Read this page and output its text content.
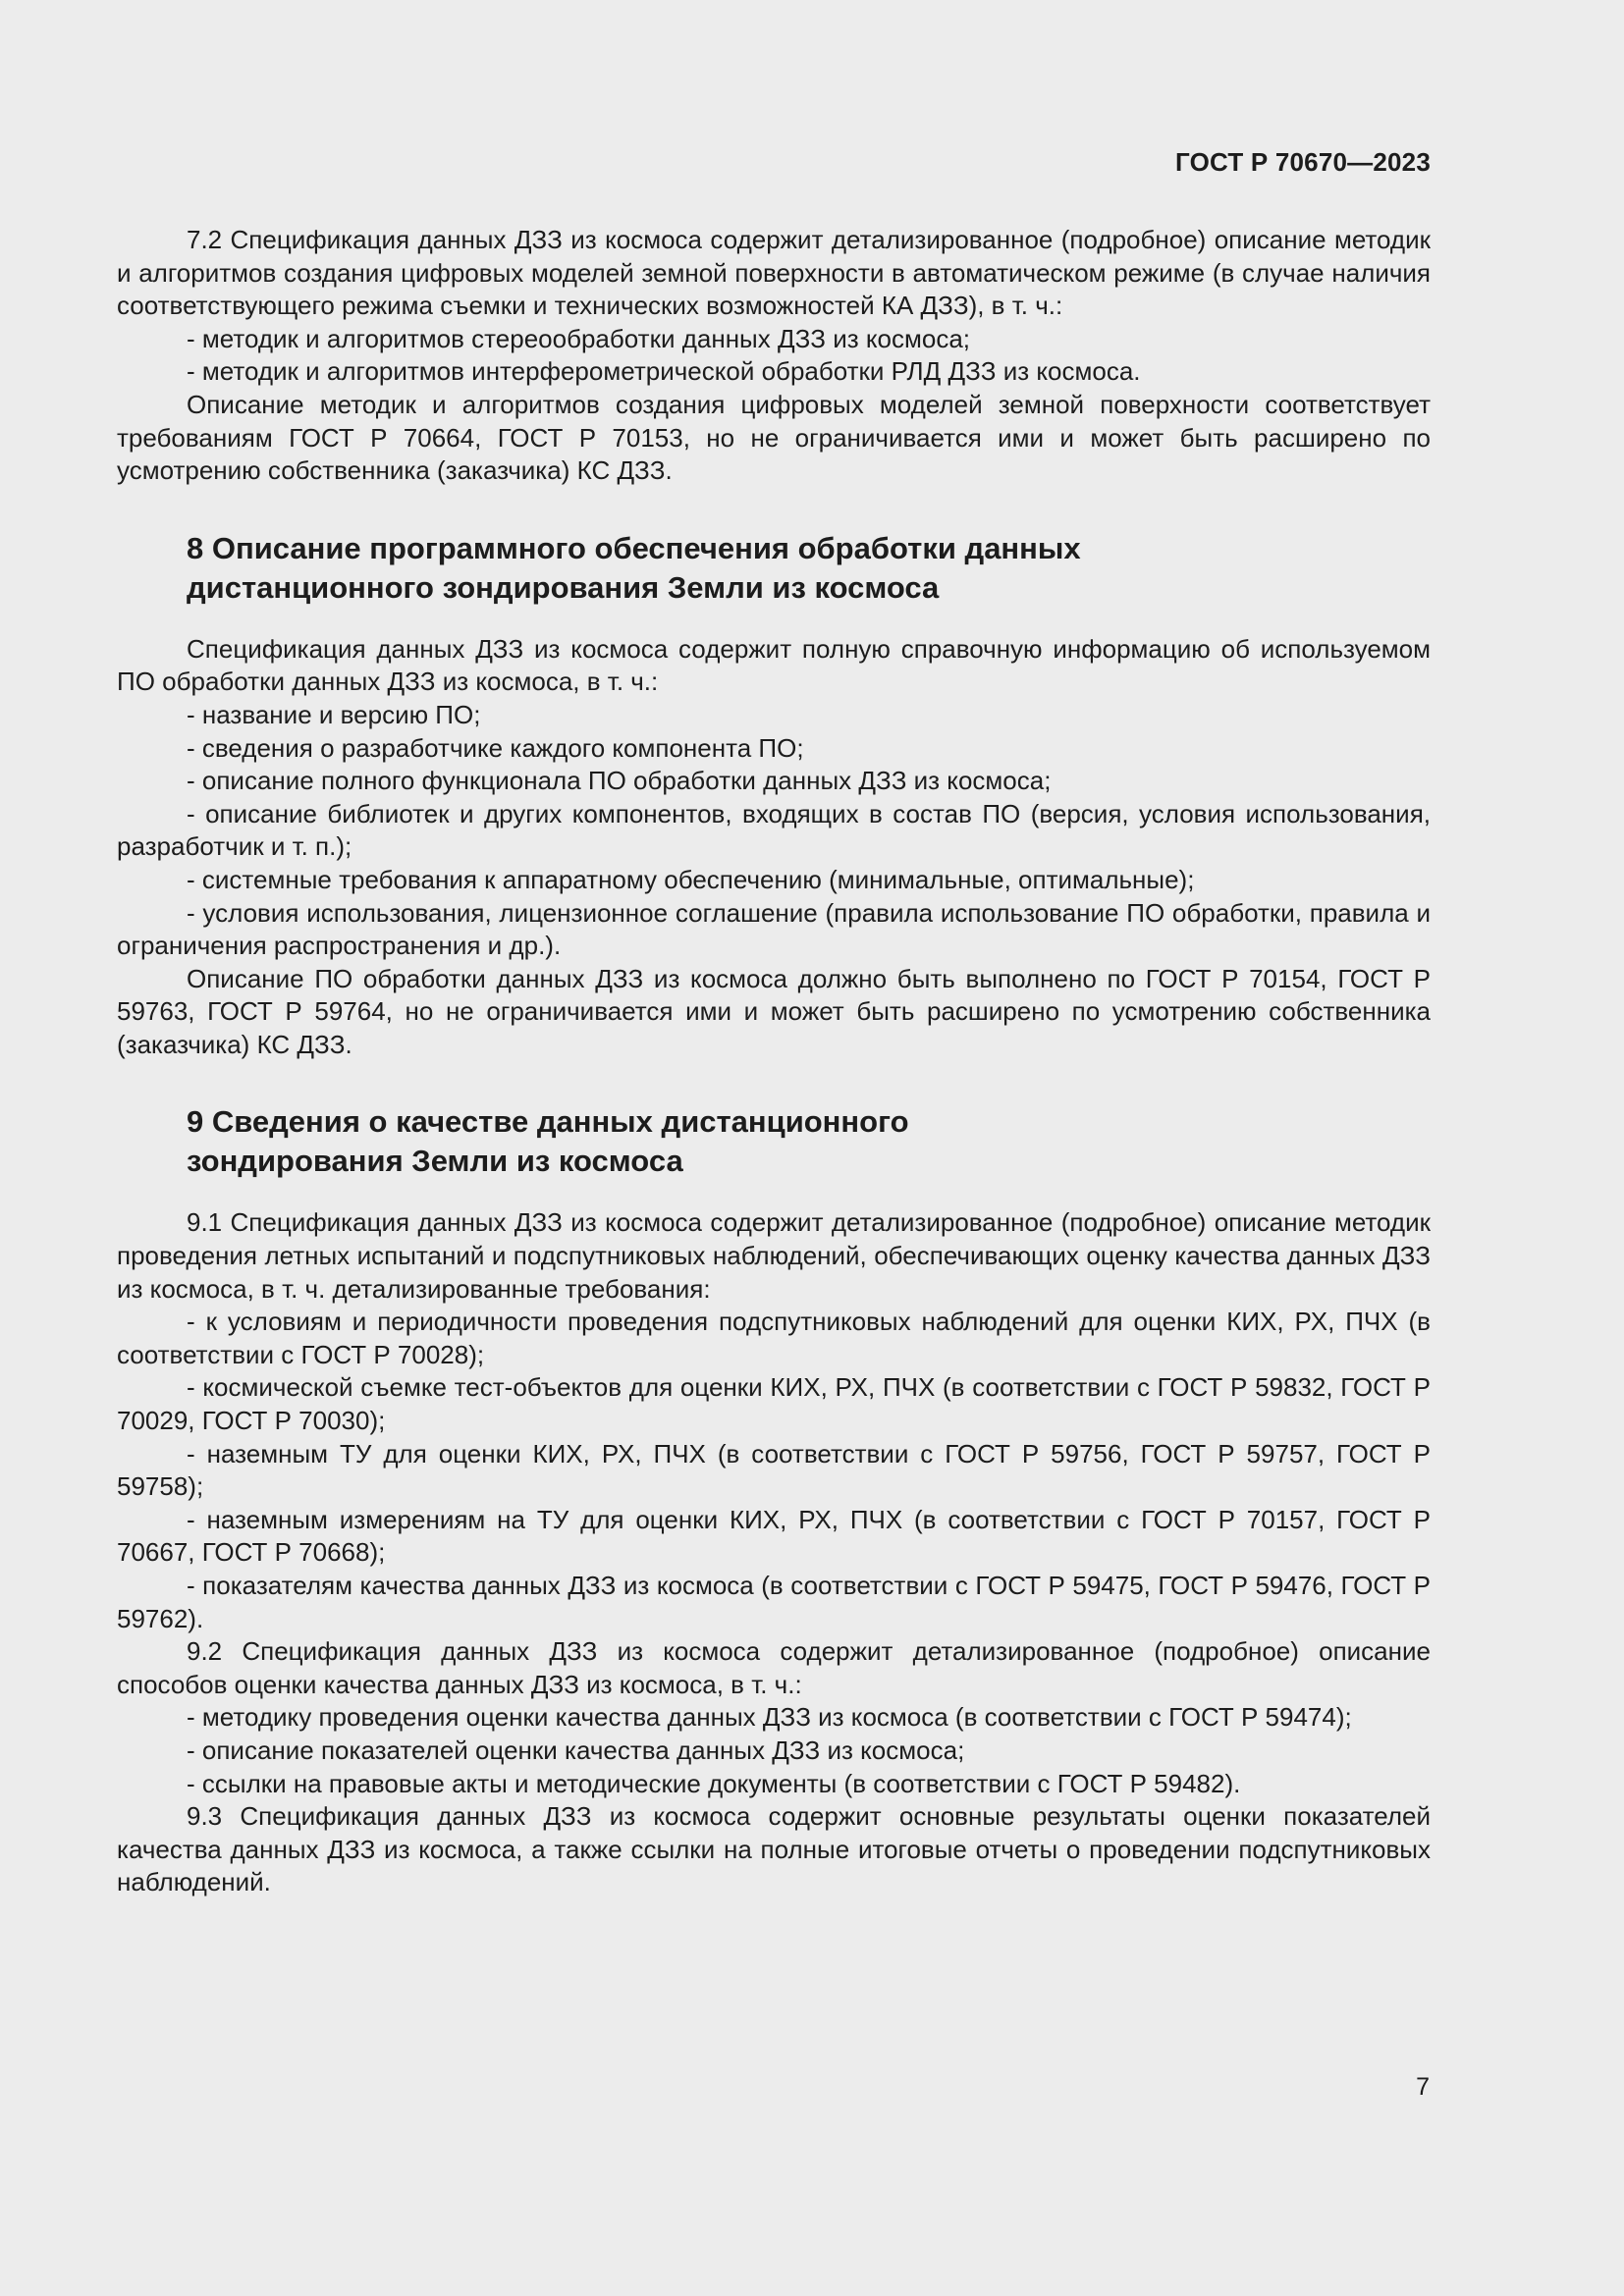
ГОСТ Р 70670—2023

7.2 Спецификация данных ДЗЗ из космоса содержит детализированное (подробное) описание методик и алгоритмов создания цифровых моделей земной поверхности в автоматическом режиме (в случае наличия соответствующего режима съемки и технических возможностей КА ДЗЗ), в т. ч.:

- методик и алгоритмов стереообработки данных ДЗЗ из космоса;

- методик и алгоритмов интерферометрической обработки РЛД ДЗЗ из космоса.

Описание методик и алгоритмов создания цифровых моделей земной поверхности соответствует требованиям ГОСТ Р 70664, ГОСТ Р 70153, но не ограничивается ими и может быть расширено по усмотрению собственника (заказчика) КС ДЗЗ.

8 Описание программного обеспечения обработки данных
дистанционного зондирования Земли из космоса

Спецификация данных ДЗЗ из космоса содержит полную справочную информацию об используемом ПО обработки данных ДЗЗ из космоса, в т. ч.:

- название и версию ПО;

- сведения о разработчике каждого компонента ПО;

- описание полного функционала ПО обработки данных ДЗЗ из космоса;

- описание библиотек и других компонентов, входящих в состав ПО (версия, условия использования, разработчик и т. п.);

- системные требования к аппаратному обеспечению (минимальные, оптимальные);

- условия использования, лицензионное соглашение (правила использование ПО обработки, правила и ограничения распространения и др.).

Описание ПО обработки данных ДЗЗ из космоса должно быть выполнено по ГОСТ Р 70154, ГОСТ Р 59763, ГОСТ Р 59764, но не ограничивается ими и может быть расширено по усмотрению собственника (заказчика) КС ДЗЗ.

9 Сведения о качестве данных дистанционного
зондирования Земли из космоса

9.1 Спецификация данных ДЗЗ из космоса содержит детализированное (подробное) описание методик проведения летных испытаний и подспутниковых наблюдений, обеспечивающих оценку качества данных ДЗЗ из космоса, в т. ч. детализированные требования:

- к условиям и периодичности проведения подспутниковых наблюдений для оценки КИХ, РХ, ПЧХ (в соответствии с ГОСТ Р 70028);

- космической съемке тест-объектов для оценки КИХ, РХ, ПЧХ (в соответствии с ГОСТ Р 59832, ГОСТ Р 70029, ГОСТ Р 70030);

- наземным ТУ для оценки КИХ, РХ, ПЧХ (в соответствии с ГОСТ Р 59756, ГОСТ Р 59757, ГОСТ Р 59758);

- наземным измерениям на ТУ для оценки КИХ, РХ, ПЧХ (в соответствии с ГОСТ Р 70157, ГОСТ Р 70667, ГОСТ Р 70668);

- показателям качества данных ДЗЗ из космоса (в соответствии с ГОСТ Р 59475, ГОСТ Р 59476, ГОСТ Р 59762).

9.2 Спецификация данных ДЗЗ из космоса содержит детализированное (подробное) описание способов оценки качества данных ДЗЗ из космоса, в т. ч.:

- методику проведения оценки качества данных ДЗЗ из космоса (в соответствии с ГОСТ Р 59474);

- описание показателей оценки качества данных ДЗЗ из космоса;

- ссылки на правовые акты и методические документы (в соответствии с ГОСТ Р 59482).

9.3 Спецификация данных ДЗЗ из космоса содержит основные результаты оценки показателей качества данных ДЗЗ из космоса, а также ссылки на полные итоговые отчеты о проведении подспутниковых наблюдений.

7
